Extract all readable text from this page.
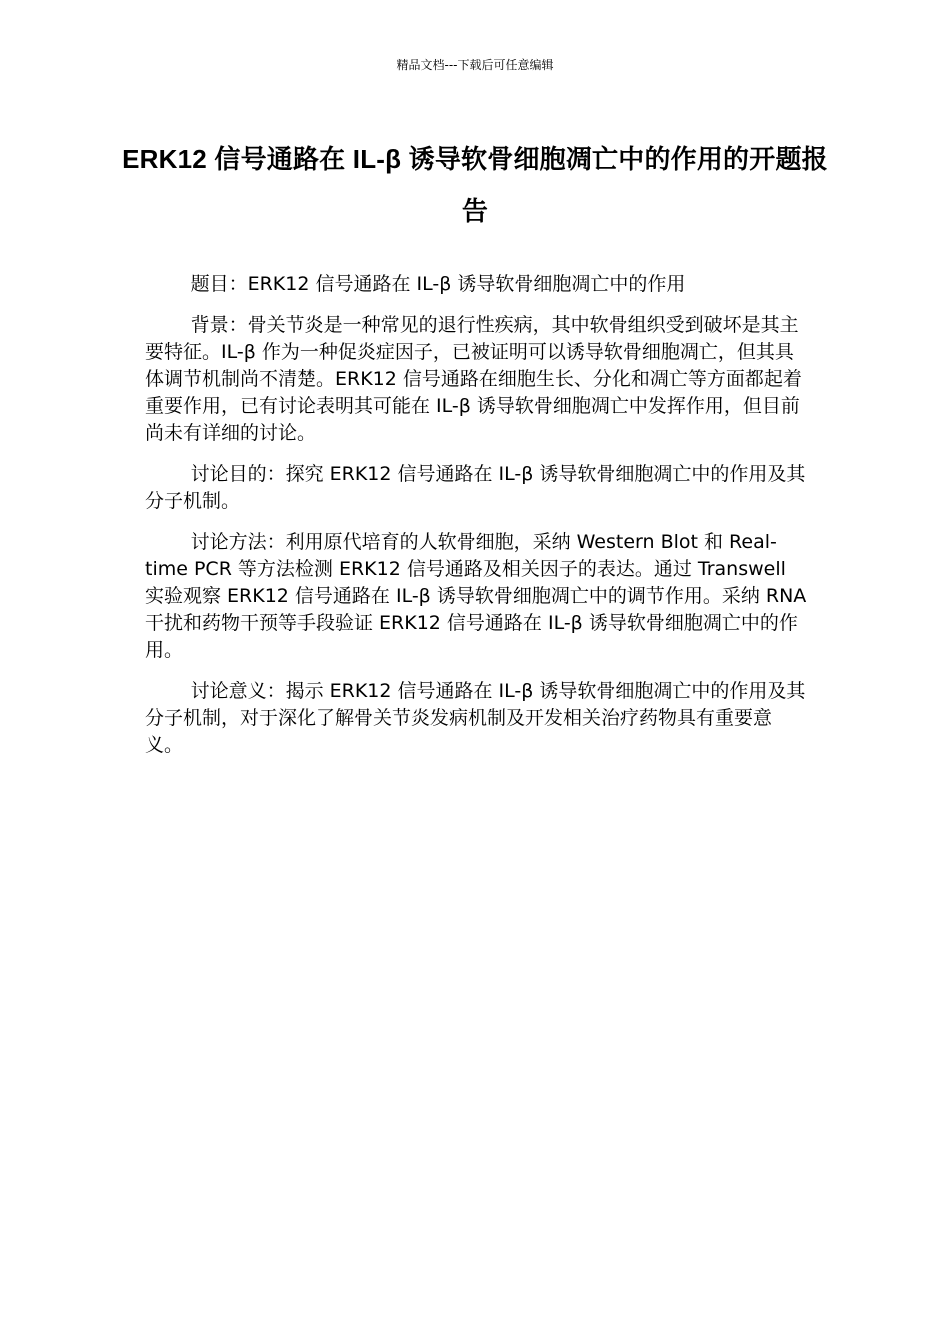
精品文档---下载后可任意编辑
ERK12 信号通路在 IL-β 诱导软骨细胞凋亡中的作用的开题报告

题目：ERK12 信号通路在 IL-β 诱导软骨细胞凋亡中的作用

背景：骨关节炎是一种常见的退行性疾病，其中软骨组织受到破坏是其主要特征。IL-β 作为一种促炎症因子，已被证明可以诱导软骨细胞凋亡，但其具体调节机制尚不清楚。ERK12 信号通路在细胞生长、分化和凋亡等方面都起着重要作用，已有讨论表明其可能在 IL-β 诱导软骨细胞凋亡中发挥作用，但目前尚未有详细的讨论。

讨论目的：探究 ERK12 信号通路在 IL-β 诱导软骨细胞凋亡中的作用及其分子机制。

讨论方法：利用原代培育的人软骨细胞，采纳 Western Blot 和 Real-time PCR 等方法检测 ERK12 信号通路及相关因子的表达。通过 Transwell 实验观察 ERK12 信号通路在 IL-β 诱导软骨细胞凋亡中的调节作用。采纳 RNA 干扰和药物干预等手段验证 ERK12 信号通路在 IL-β 诱导软骨细胞凋亡中的作用。

讨论意义：揭示 ERK12 信号通路在 IL-β 诱导软骨细胞凋亡中的作用及其分子机制，对于深化了解骨关节炎发病机制及开发相关治疗药物具有重要意义。
